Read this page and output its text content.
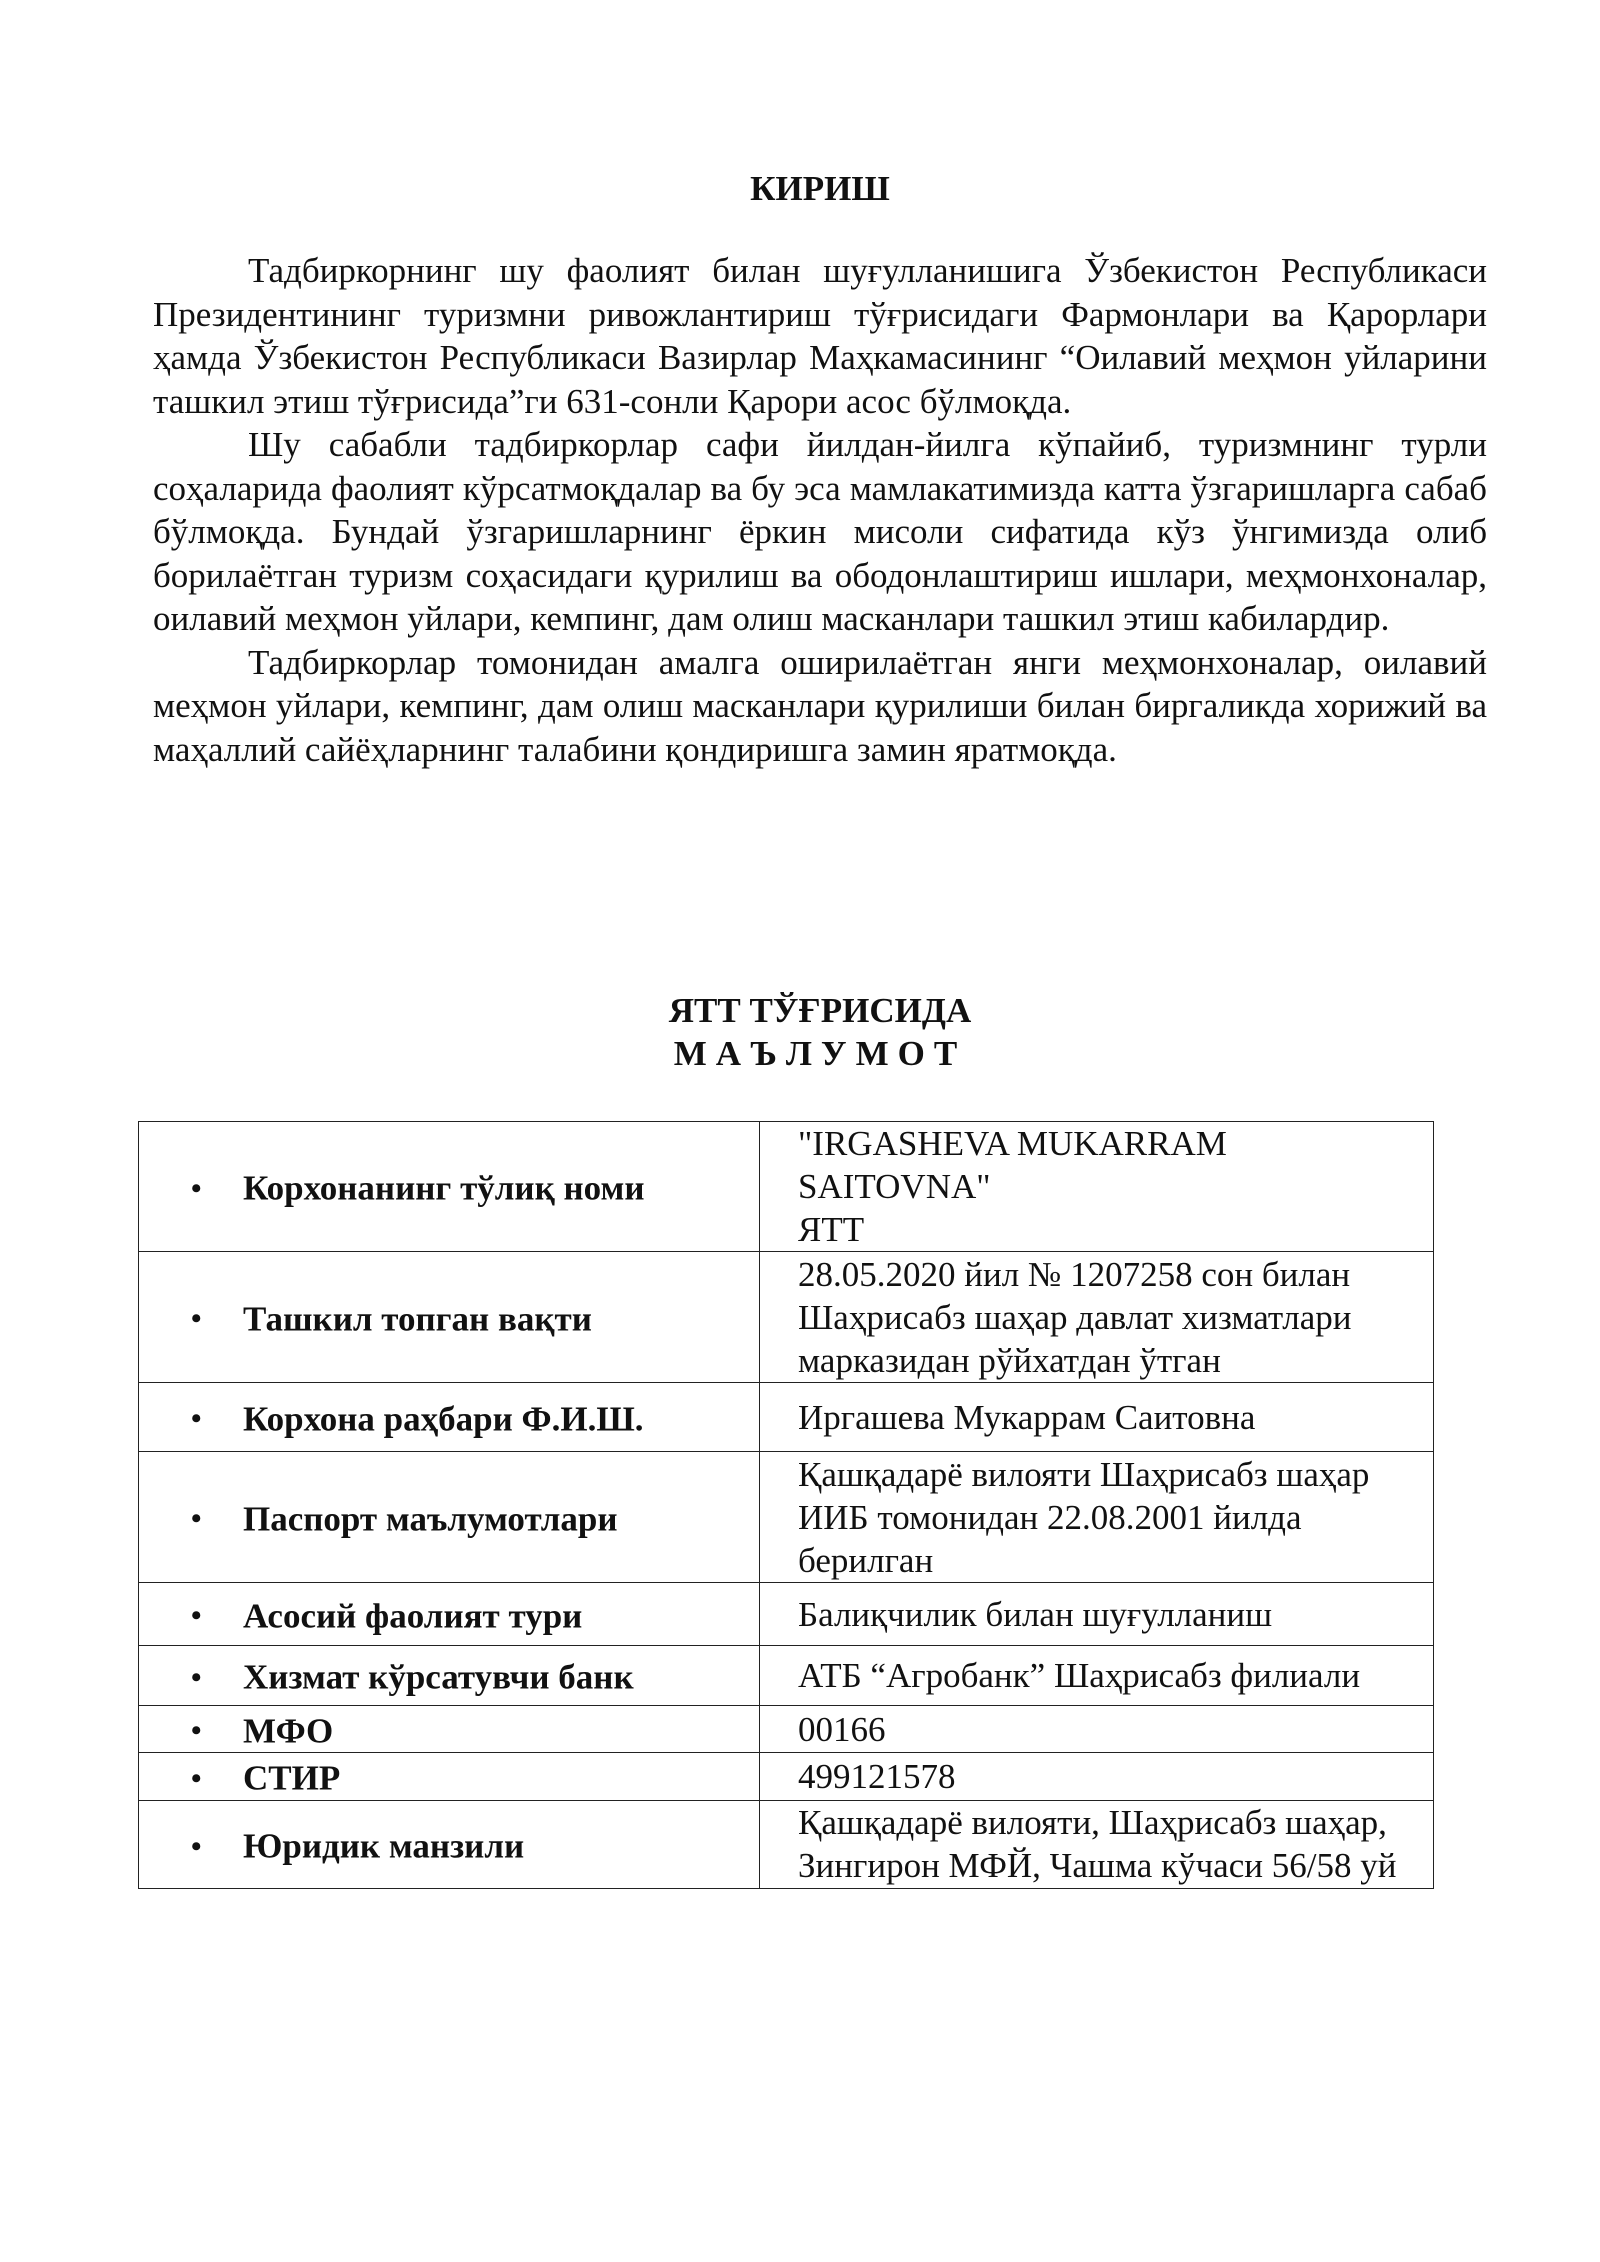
КИРИШ

Тадбиркорнинг шу фаолият билан шуғулланишига Ўзбекистон Республикаси Президентининг туризмни ривожлантириш тўғрисидаги Фармонлари ва Қарорлари ҳамда Ўзбекистон Республикаси Вазирлар Маҳкамасининг “Оилавий меҳмон уйларини ташкил этиш тўғрисида”ги 631-сонли Қарори асос бўлмоқда.

Шу сабабли тадбиркорлар сафи йилдан-йилга кўпайиб, туризмнинг турли соҳаларида фаолият кўрсатмоқдалар ва бу эса мамлакатимизда катта ўзгаришларга сабаб бўлмоқда. Бундай ўзгаришларнинг ёркин мисоли сифатида кўз ўнгимизда олиб борилаётган туризм соҳасидаги қурилиш ва ободонлаштириш ишлари, меҳмонхоналар, оилавий меҳмон уйлари, кемпинг, дам олиш масканлари ташкил этиш кабилардир.

Тадбиркорлар томонидан амалга оширилаётган янги меҳмонхоналар, оилавий меҳмон уйлари, кемпинг, дам олиш масканлари қурилиши билан биргаликда хорижий ва маҳаллий сайёҳларнинг талабини қондиришга замин яратмоқда.

ЯТТ ТЎҒРИСИДА
МАЪЛУМОТ
• Корхонанинг тўлиқ номи	"IRGASHEVA MUKARRAM SAITOVNA"
ЯТТ

• Ташкил топган вақти	28.05.2020 йил № 1207258 сон билан
Шаҳрисабз шаҳар давлат хизматлари
марказидан рўйхатдан ўтган

• Корхона раҳбари Ф.И.Ш.	Иргашева Мукаррам Саитовна

• Паспорт маълумотлари	Қашқадарё вилояти Шаҳрисабз шаҳар
ИИБ томонидан 22.08.2001 йилда
берилган

• Асосий фаолият тури	Балиқчилик билан шуғулланиш

• Хизмат кўрсатувчи банк	АТБ “Агробанк” Шаҳрисабз филиали

• МФО	00166

• СТИР	499121578

• Юридик манзили	Қашқадарё вилояти, Шаҳрисабз шаҳар,
Зингирон МФЙ, Чашма кўчаси 56/58 уй
